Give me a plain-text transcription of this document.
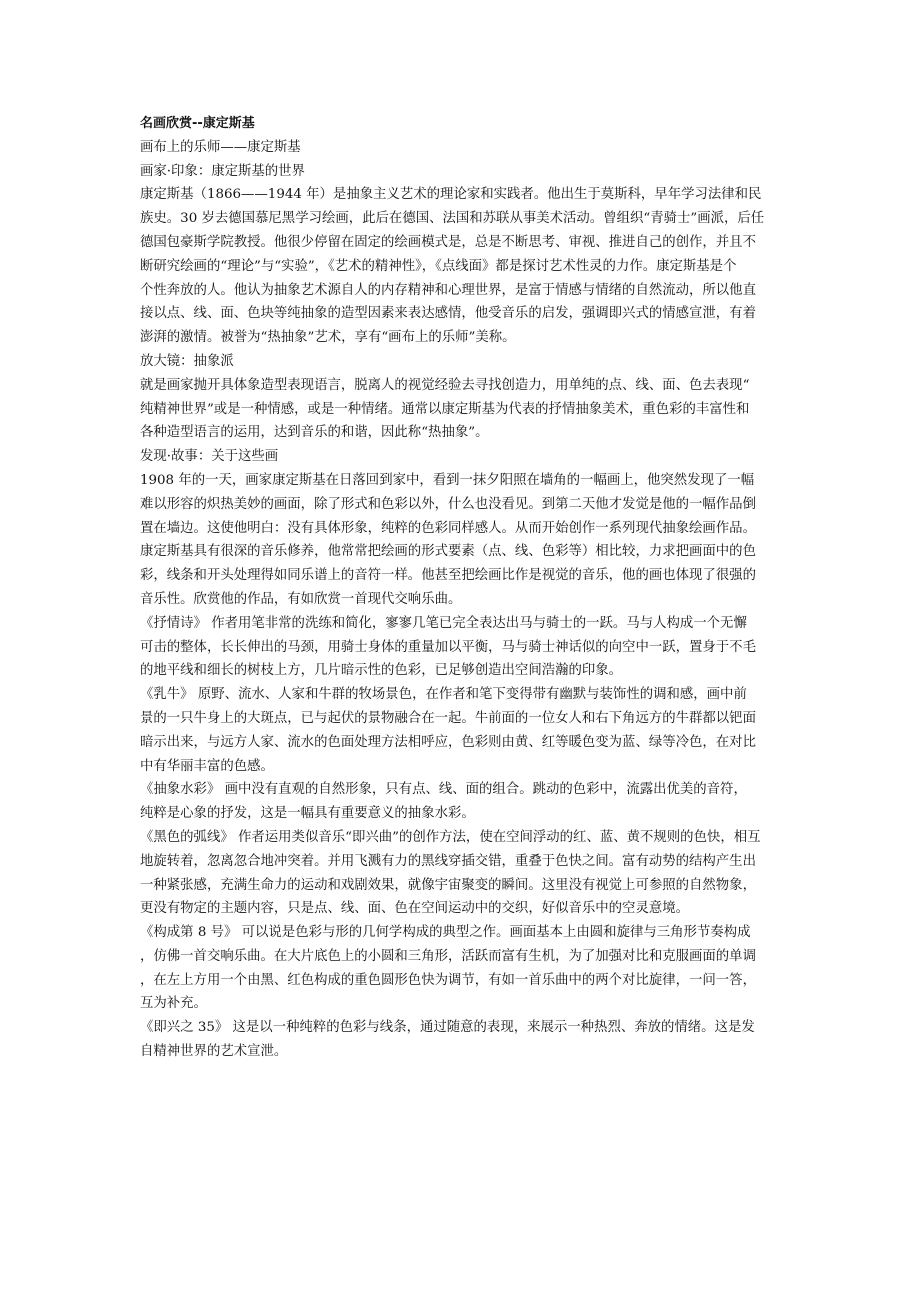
名画欣赏--康定斯基
画布上的乐师——康定斯基
画家·印象：康定斯基的世界
康定斯基（1866——1944 年）是抽象主义艺术的理论家和实践者。他出生于莫斯科，早年学习法律和民
族史。30 岁去德国慕尼黑学习绘画，此后在德国、法国和苏联从事美术活动。曾组织“青骑士”画派，后任
德国包豪斯学院教授。他很少停留在固定的绘画模式是，总是不断思考、审视、推进自己的创作，并且不
断研究绘画的“理论”与“实验”，《艺术的精神性》，《点线面》都是探讨艺术性灵的力作。康定斯基是个
个性奔放的人。他认为抽象艺术源自人的内存精神和心理世界，是富于情感与情绪的自然流动，所以他直
接以点、线、面、色块等纯抽象的造型因素来表达感情，他受音乐的启发，强调即兴式的情感宣泄，有着
澎湃的激情。被誉为“热抽象”艺术，享有“画布上的乐师”美称。
放大镜：抽象派
就是画家抛开具体象造型表现语言，脱离人的视觉经验去寻找创造力，用单纯的点、线、面、色去表现“
纯精神世界”或是一种情感，或是一种情绪。通常以康定斯基为代表的抒情抽象美术，重色彩的丰富性和
各种造型语言的运用，达到音乐的和谐，因此称“热抽象”。
发现·故事：关于这些画
1908 年的一天，画家康定斯基在日落回到家中，看到一抹夕阳照在墙角的一幅画上，他突然发现了一幅
难以形容的炽热美妙的画面，除了形式和色彩以外，什么也没看见。到第二天他才发觉是他的一幅作品倒
置在墙边。这使他明白：没有具体形象，纯粹的色彩同样感人。从而开始创作一系列现代抽象绘画作品。
康定斯基具有很深的音乐修养，他常常把绘画的形式要素（点、线、色彩等）相比较，力求把画面中的色
彩，线条和开头处理得如同乐谱上的音符一样。他甚至把绘画比作是视觉的音乐，他的画也体现了很强的
音乐性。欣赏他的作品，有如欣赏一首现代交响乐曲。
《抒情诗》 作者用笔非常的洗练和简化，寥寥几笔已完全表达出马与骑士的一跃。马与人构成一个无懈
可击的整体，长长伸出的马颈，用骑士身体的重量加以平衡，马与骑士神话似的向空中一跃，置身于不毛
的地平线和细长的树枝上方，几片暗示性的色彩，已足够创造出空间浩瀚的印象。
《乳牛》 原野、流水、人家和牛群的牧场景色，在作者和笔下变得带有幽默与装饰性的调和感，画中前
景的一只牛身上的大斑点，已与起伏的景物融合在一起。牛前面的一位女人和右下角远方的牛群都以钯面
暗示出来，与远方人家、流水的色面处理方法相呼应，色彩则由黄、红等暖色变为蓝、绿等冷色，在对比
中有华丽丰富的色感。
《抽象水彩》 画中没有直观的自然形象，只有点、线、面的组合。跳动的色彩中，流露出优美的音符，
纯粹是心象的抒发，这是一幅具有重要意义的抽象水彩。
《黑色的弧线》 作者运用类似音乐“即兴曲”的创作方法，使在空间浮动的红、蓝、黄不规则的色快，相互
地旋转着，忽离忽合地冲突着。并用飞溅有力的黑线穿插交错，重叠于色快之间。富有动势的结构产生出
一种紧张感，充满生命力的运动和戏剧效果，就像宇宙聚变的瞬间。这里没有视觉上可参照的自然物象，
更没有物定的主题内容，只是点、线、面、色在空间运动中的交织，好似音乐中的空灵意境。
《构成第 8 号》 可以说是色彩与形的几何学构成的典型之作。画面基本上由圆和旋律与三角形节奏构成
，仿佛一首交响乐曲。在大片底色上的小圆和三角形，活跃而富有生机，为了加强对比和克服画面的单调
，在左上方用一个由黑、红色构成的重色圆形色快为调节，有如一首乐曲中的两个对比旋律，一问一答，
互为补充。
《即兴之 35》 这是以一种纯粹的色彩与线条，通过随意的表现，来展示一种热烈、奔放的情绪。这是发
自精神世界的艺术宣泄。
